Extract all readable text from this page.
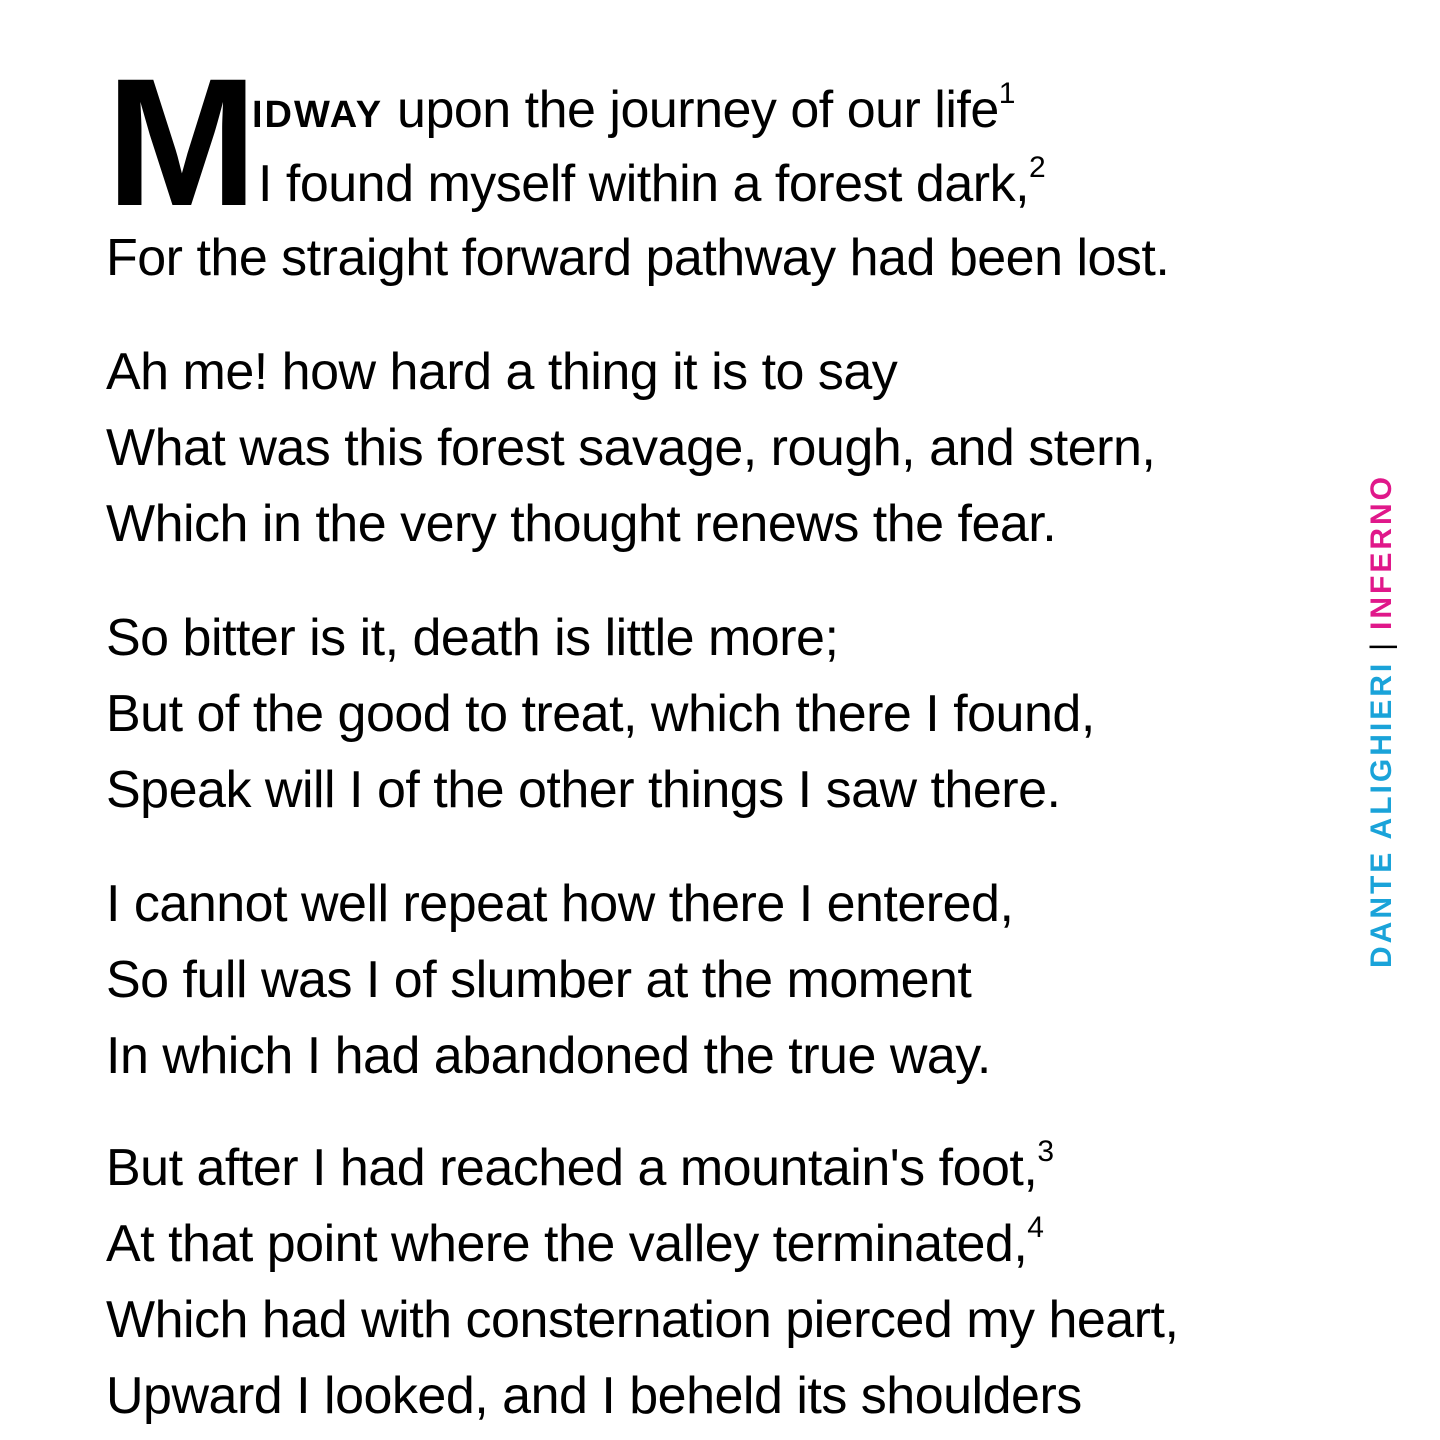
M
IDWAY upon the journey of our life$^1$
I found myself within a forest dark,$^2$
For the straight forward pathway had been lost.
Ah me! how hard a thing it is to say
What was this forest savage, rough, and stern,
Which in the very thought renews the fear.
So bitter is it, death is little more;
But of the good to treat, which there I found,
Speak will I of the other things I saw there.
I cannot well repeat how there I entered,
So full was I of slumber at the moment
In which I had abandoned the true way.
But after I had reached a mountain's foot,$^3$
At that point where the valley terminated,$^4$
Which had with consternation pierced my heart,
Upward I looked, and I beheld its shoulders
DANTE ALIGHIERI|INFERNO
